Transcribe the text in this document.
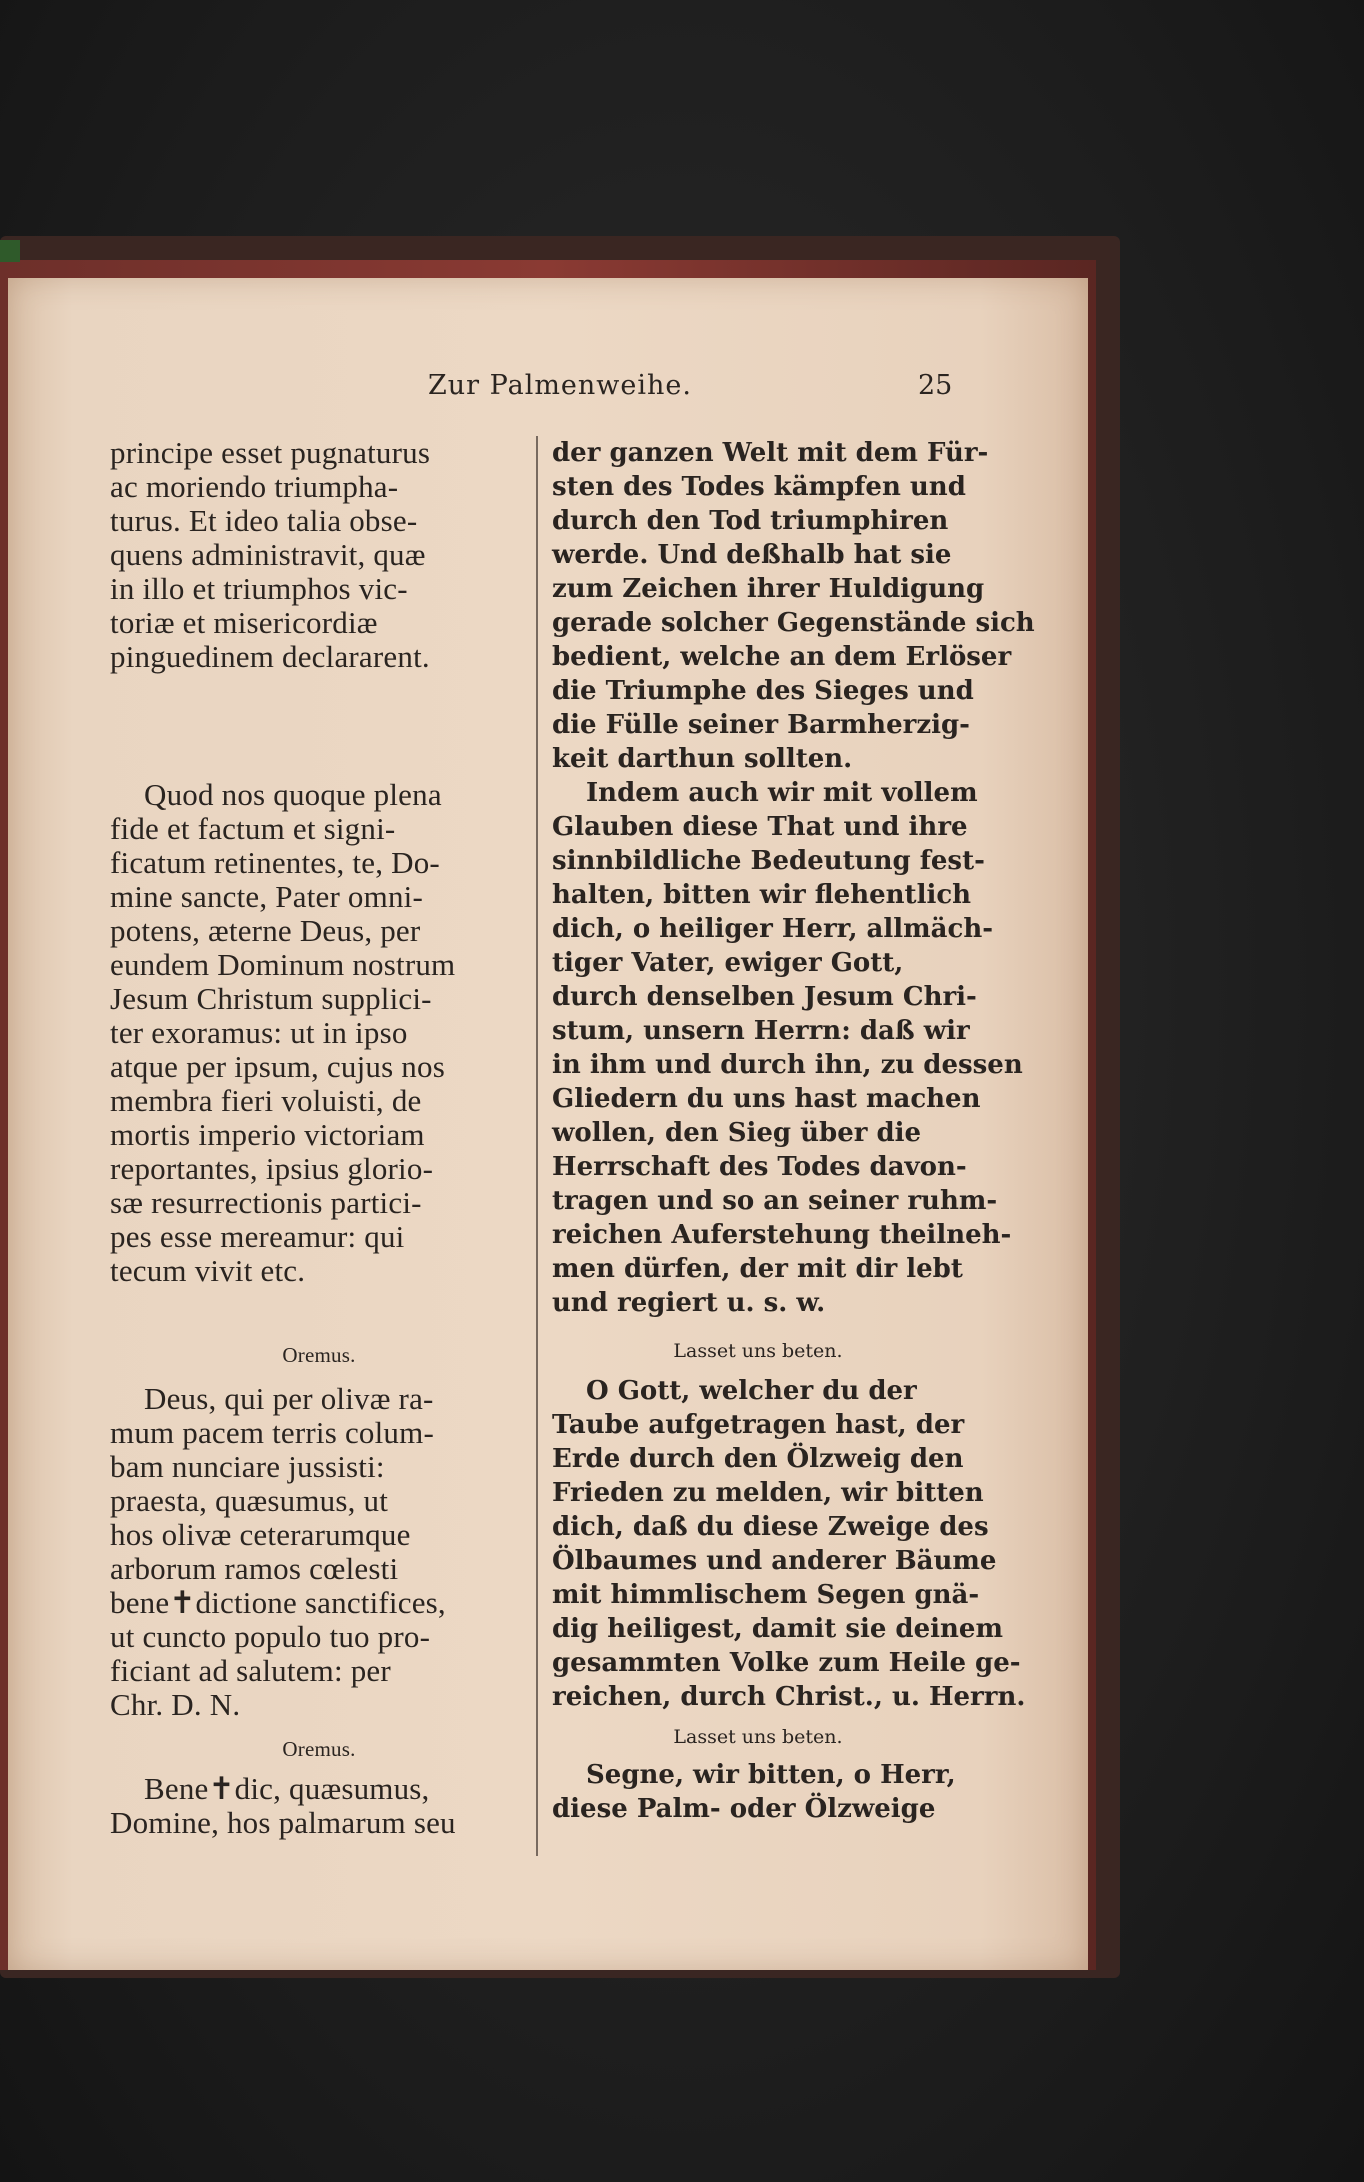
Zur Palmenweihe.	25
principe esset pugnaturus
ac moriendo triumpha-
turus. Et ideo talia obse-
quens administravit, quæ
in illo et triumphos vic-
toriæ et misericordiæ
pinguedinem declararent.
Quod nos quoque plena
fide et factum et signi-
ficatum retinentes, te, Do-
mine sancte, Pater omni-
potens, æterne Deus, per
eundem Dominum nostrum
Jesum Christum supplici-
ter exoramus: ut in ipso
atque per ipsum, cujus nos
membra fieri voluisti, de
mortis imperio victoriam
reportantes, ipsius glorio-
sæ resurrectionis partici-
pes esse mereamur: qui
tecum vivit etc.
Oremus.
Deus, qui per olivæ ra-
mum pacem terris colum-
bam nunciare jussisti:
praesta, quæsumus, ut
hos olivæ ceterarumque
arborum ramos cœlesti
bene✝dictione sanctifices,
ut cuncto populo tuo pro-
ficiant ad salutem: per
Chr. D. N.
Oremus.
Bene✝dic, quæsumus,
Domine, hos palmarum seu
der ganzen Welt mit dem Für-
sten des Todes kämpfen und
durch den Tod triumphiren
werde. Und deßhalb hat sie
zum Zeichen ihrer Huldigung
gerade solcher Gegenstände sich
bedient, welche an dem Erlöser
die Triumphe des Sieges und
die Fülle seiner Barmherzig-
keit darthun sollten.
Indem auch wir mit vollem
Glauben diese That und ihre
sinnbildliche Bedeutung fest-
halten, bitten wir flehentlich
dich, o heiliger Herr, allmäch-
tiger Vater, ewiger Gott,
durch denselben Jesum Chri-
stum, unsern Herrn: daß wir
in ihm und durch ihn, zu dessen
Gliedern du uns hast machen
wollen, den Sieg über die
Herrschaft des Todes davon-
tragen und so an seiner ruhm-
reichen Auferstehung theilneh-
men dürfen, der mit dir lebt
und regiert u. s. w.
Lasset uns beten.
O Gott, welcher du der
Taube aufgetragen hast, der
Erde durch den Ölzweig den
Frieden zu melden, wir bitten
dich, daß du diese Zweige des
Ölbaumes und anderer Bäume
mit himmlischem Segen gnä-
dig heiligest, damit sie deinem
gesammten Volke zum Heile ge-
reichen, durch Christ., u. Herrn.
Lasset uns beten.
Segne, wir bitten, o Herr,
diese Palm- oder Ölzweige
